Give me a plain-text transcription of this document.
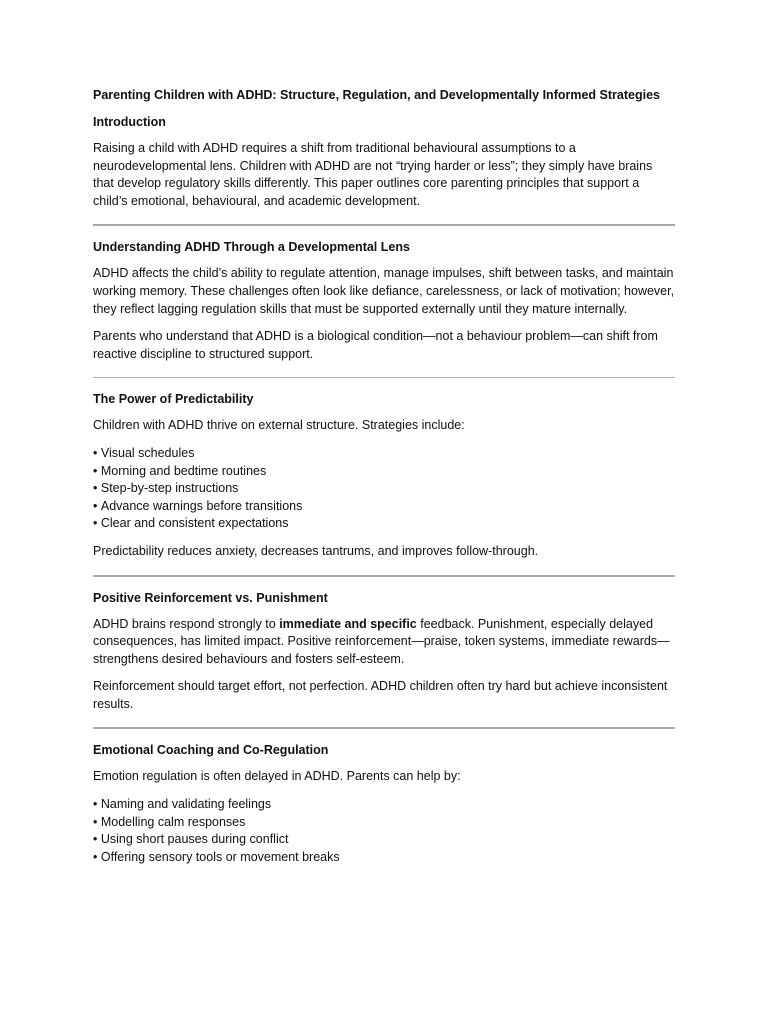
Parenting Children with ADHD: Structure, Regulation, and Developmentally Informed Strategies
Introduction

Raising a child with ADHD requires a shift from traditional behavioural assumptions to a neurodevelopmental lens. Children with ADHD are not “trying harder or less”; they simply have brains that develop regulatory skills differently. This paper outlines core parenting principles that support a child’s emotional, behavioural, and academic development.

Understanding ADHD Through a Developmental Lens

ADHD affects the child’s ability to regulate attention, manage impulses, shift between tasks, and maintain working memory. These challenges often look like defiance, carelessness, or lack of motivation; however, they reflect lagging regulation skills that must be supported externally until they mature internally.

Parents who understand that ADHD is a biological condition—not a behaviour problem—can shift from reactive discipline to structured support.

The Power of Predictability

Children with ADHD thrive on external structure. Strategies include:

• Visual schedules
• Morning and bedtime routines
• Step-by-step instructions
• Advance warnings before transitions
• Clear and consistent expectations

Predictability reduces anxiety, decreases tantrums, and improves follow-through.

Positive Reinforcement vs. Punishment

ADHD brains respond strongly to immediate and specific feedback. Punishment, especially delayed consequences, has limited impact. Positive reinforcement—praise, token systems, immediate rewards—strengthens desired behaviours and fosters self-esteem.

Reinforcement should target effort, not perfection. ADHD children often try hard but achieve inconsistent results.

Emotional Coaching and Co-Regulation

Emotion regulation is often delayed in ADHD. Parents can help by:

• Naming and validating feelings
• Modelling calm responses
• Using short pauses during conflict
• Offering sensory tools or movement breaks
